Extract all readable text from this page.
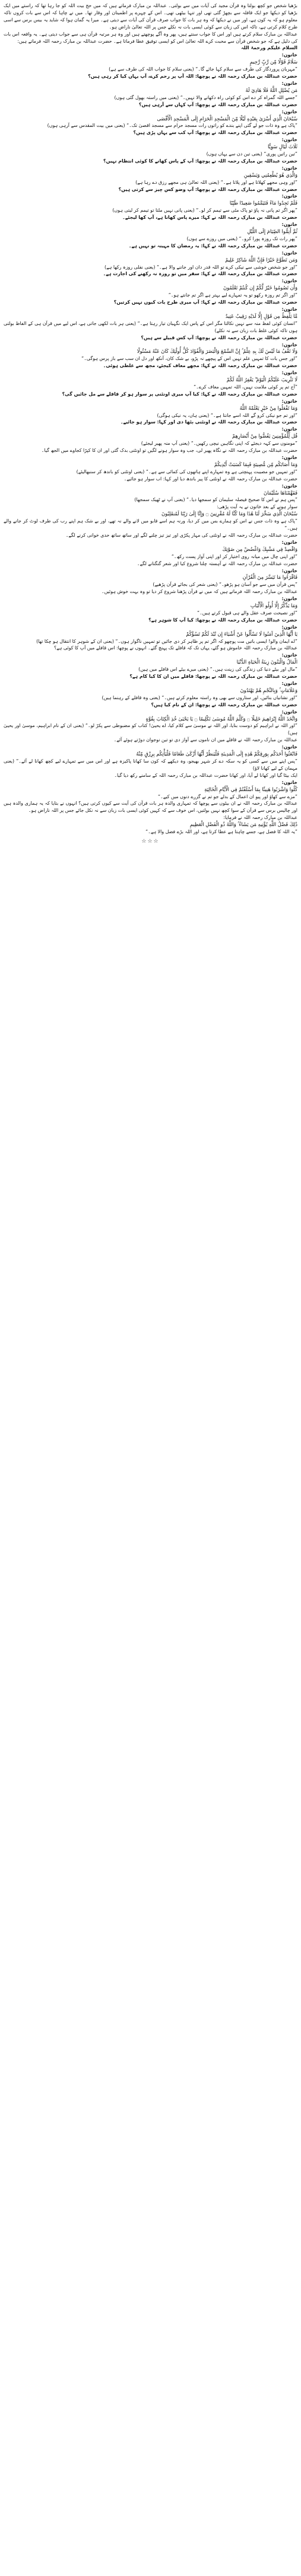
بڑھیا شخص جو کچھ بولتا وہ قرآن مجید کی آیات میں سے بولتی۔ عبداللہ بن مبارک فرماتے ہیں کہ میں حج بیت اللہ کو جا رہا تھا کہ راستے میں ایک بڑھیا کو دیکھا جو ایک قافلہ سے بچھڑ گئی تھی اور تنہا بیٹھی تھی۔ اس کے چہرے پر اطمینان اور وقار تھا۔ میں نے چاہا کہ اس سے بات کروں تاکہ معلوم ہو کہ یہ کون ہے، اور میں نے دیکھا کہ وہ ہر بات کا جواب صرف قرآن کی آیات سے دیتی ہے۔ میرا یہ گمان ہوا کہ شاید یہ بیس برس سے اسی طرح کلام کرتی ہے، تاکہ اس کی زبان سے کوئی ایسی بات نہ نکلے جس پر اللہ تعالیٰ ناراض ہو۔

عبداللہ بن مبارک سلام کرتے ہیں اور اس کا جواب سنتے ہیں، پھر وہ آگے پوچھتے ہیں اور وہ ہر مرتبہ قرآن ہی سے جواب دیتی ہے۔ یہ واقعہ اس بات کی دلیل ہے کہ جو شخص قرآن سے محبت کرے اللہ تعالیٰ اس کو ایسی توفیق عطا فرماتا ہے۔ حضرت عبداللہ بن مبارک رحمہ اللہ فرماتے ہیں:

السلام علیکم ورحمۃ اللہ

خاتون:

سَلَامٌ قَوْلًا مِّن رَّبٍّ رَّحِيمٍ

”مہربان پروردگار کی طرف سے سلام کہا جائے گا۔“ (یعنی سلام کا جواب اللہ کی طرف سے ہے)

حضرت عبداللہ بن مبارک رحمہ اللہ نے پوچھا: اللہ آپ پر رحم کرے، آپ یہاں کیا کر رہی ہیں؟

خاتون:

مَن يُضْلِلِ اللَّهُ فَلَا هَادِيَ لَهُ

”جسے اللہ گمراہ کر دے اس کو کوئی راہ دکھانے والا نہیں۔“ (یعنی میں راستہ بھول گئی ہوں)

حضرت عبداللہ بن مبارک رحمہ اللہ نے پوچھا: آپ کہاں سے آرہی ہیں؟

خاتون:

سُبْحَانَ الَّذِي أَسْرَىٰ بِعَبْدِهِ لَيْلًا مِّنَ الْمَسْجِدِ الْحَرَامِ إِلَى الْمَسْجِدِ الْأَقْصَى

”پاک ہے وہ ذات جو لے گئی اپنے بندے کو راتوں رات مسجد حرام سے مسجد اقصیٰ تک۔“ (یعنی میں بیت المقدس سے آرہی ہوں)

حضرت عبداللہ بن مبارک رحمہ اللہ نے پوچھا: آپ کب سے یہاں پڑی ہیں؟

خاتون:

ثَلَاثَ لَيَالٍ سَوِيًّا

”تین راتیں پوری“ (یعنی تین دن سے یہاں ہوں)

حضرت عبداللہ بن مبارک رحمہ اللہ نے پوچھا: آپ کے پاس کھانے کا کوئی انتظام نہیں؟

خاتون:

وَالَّذِي هُوَ يُطْعِمُنِي وَيَسْقِينِ

”اور وہی مجھے کھلاتا ہے اور پلاتا ہے۔“ (یعنی اللہ تعالیٰ ہی مجھے رزق دے رہا ہے)

حضرت عبداللہ بن مبارک رحمہ اللہ نے پوچھا: آپ وضو کس چیز سے کرتی ہیں؟

خاتون:

فَلَمْ تَجِدُوا مَاءً فَتَيَمَّمُوا صَعِيدًا طَيِّبًا

”پھر اگر تم پانی نہ پاؤ تو پاک مٹی سے تیمم کر لو۔“ (یعنی پانی نہیں ملتا تو تیمم کر لیتی ہوں)

حضرت عبداللہ بن مبارک رحمہ اللہ نے کہا: میرے پاس کھانا ہے، آپ کھا لیجئے۔

خاتون:

ثُمَّ أَتِمُّوا الصِّيَامَ إِلَى اللَّيْلِ

”پھر رات تک روزہ پورا کرو۔“ (یعنی میں روزے سے ہوں)

حضرت عبداللہ بن مبارک رحمہ اللہ نے کہا: یہ رمضان کا مہینہ تو نہیں ہے۔

خاتون:

وَمَن تَطَوَّعَ خَيْرًا فَإِنَّ اللَّهَ شَاكِرٌ عَلِيمٌ

”اور جو شخص خوشی سے نیکی کرے تو اللہ قدر دان اور جاننے والا ہے۔“ (یعنی نفلی روزہ رکھا ہے)

حضرت عبداللہ بن مبارک رحمہ اللہ نے کہا: سفر میں تو روزہ نہ رکھنے کی اجازت ہے۔

خاتون:

وَأَن تَصُومُوا خَيْرٌ لَّكُمْ إِن كُنتُمْ تَعْلَمُونَ

”اور اگر تم روزہ رکھو تو یہ تمہارے لیے بہتر ہے اگر تم جانتے ہو۔“

حضرت عبداللہ بن مبارک رحمہ اللہ نے کہا: آپ میری طرح بات کیوں نہیں کرتیں؟

خاتون:

مَّا يَلْفِظُ مِن قَوْلٍ إِلَّا لَدَيْهِ رَقِيبٌ عَتِيدٌ

”انسان کوئی لفظ منہ سے نہیں نکالتا مگر اس کے پاس ایک نگہبان تیار رہتا ہے۔“ (یعنی ہر بات لکھی جاتی ہے، اس لیے میں قرآن ہی کے الفاظ بولتی ہوں تاکہ کوئی غلط بات زبان سے نہ نکلے)

حضرت عبداللہ بن مبارک رحمہ اللہ نے پوچھا: آپ کس قبیلے سے ہیں؟

خاتون:

وَلَا تَقْفُ مَا لَيْسَ لَكَ بِهِ عِلْمٌ ۚ إِنَّ السَّمْعَ وَالْبَصَرَ وَالْفُؤَادَ كُلُّ أُولَٰئِكَ كَانَ عَنْهُ مَسْئُولًا

”اور جس بات کا تمہیں علم نہیں اس کے پیچھے نہ پڑو، بے شک کان، آنکھ اور دل ان سب سے باز پرس ہوگی۔“

حضرت عبداللہ بن مبارک رحمہ اللہ نے کہا: مجھے معاف کیجئے، مجھ سے غلطی ہوئی۔

خاتون:

لَا تَثْرِيبَ عَلَيْكُمُ الْيَوْمَ ۖ يَغْفِرُ اللَّهُ لَكُمْ

”آج تم پر کوئی ملامت نہیں، اللہ تمہیں معاف کرے۔“

حضرت عبداللہ بن مبارک رحمہ اللہ نے کہا: کیا آپ میری اونٹنی پر سوار ہو کر قافلے سے مل جائیں گی؟

خاتون:

وَمَا تَفْعَلُوا مِنْ خَيْرٍ يَعْلَمْهُ اللَّهُ

”اور تم جو نیکی کرو گے اللہ اسے جانتا ہے۔“ (یعنی ہاں، یہ نیکی ہوگی)

حضرت عبداللہ بن مبارک رحمہ اللہ نے اونٹنی بٹھا دی اور کہا: سوار ہو جائیے۔

خاتون:

قُل لِّلْمُؤْمِنِينَ يَغُضُّوا مِنْ أَبْصَارِهِمْ

”مومنوں سے کہہ دیجئے کہ اپنی نگاہیں نیچی رکھیں۔“ (یعنی آپ منہ پھیر لیجئے)

حضرت عبداللہ بن مبارک رحمہ اللہ نے نگاہ پھیر لی، جب وہ سوار ہونے لگیں تو اونٹنی بدک گئی اور ان کا کپڑا کجاوے میں الجھ گیا۔

خاتون:

وَمَا أَصَابَكُم مِّن مُّصِيبَةٍ فَبِمَا كَسَبَتْ أَيْدِيكُمْ

”اور تمہیں جو مصیبت پہنچتی ہے وہ تمہارے اپنے ہاتھوں کی کمائی سے ہے۔“ (یعنی اونٹنی کو باندھ کر سنبھالیئے)

حضرت عبداللہ بن مبارک رحمہ اللہ نے اونٹنی کا پیر باندھ دیا اور کہا: اب سوار ہو جائیے۔

خاتون:

فَفَهَّمْنَاهَا سُلَيْمَانَ

”پس ہم نے اس کا صحیح فیصلہ سلیمان کو سمجھا دیا۔“ (یعنی آپ نے ٹھیک سمجھا)

سوار ہونے کے بعد خاتون نے یہ آیت پڑھی:

سُبْحَانَ الَّذِي سَخَّرَ لَنَا هَٰذَا وَمَا كُنَّا لَهُ مُقْرِنِينَ ۝ وَإِنَّا إِلَىٰ رَبِّنَا لَمُنقَلِبُونَ

”پاک ہے وہ ذات جس نے اس کو ہمارے بس میں کر دیا، ورنہ ہم اسے قابو میں لانے والے نہ تھے، اور بے شک ہم اپنے رب کی طرف لوٹ کر جانے والے ہیں۔“

حضرت عبداللہ بن مبارک رحمہ اللہ نے اونٹنی کی مہار پکڑی اور تیز تیز چلنے لگے اور ساتھ ساتھ حدی خوانی کرنے لگے۔

خاتون:

وَاقْصِدْ فِي مَشْيِكَ وَاغْضُضْ مِن صَوْتِكَ

”اور اپنی چال میں میانہ روی اختیار کر اور اپنی آواز پست رکھ۔“

حضرت عبداللہ بن مبارک رحمہ اللہ نے آہستہ چلنا شروع کیا اور شعر گنگنانے لگے۔

خاتون:

فَاقْرَءُوا مَا تَيَسَّرَ مِنَ الْقُرْآنِ

”پس قرآن میں سے جو آسان ہو پڑھو۔“ (یعنی شعر کی بجائے قرآن پڑھیے)

عبداللہ بن مبارک رحمہ اللہ فرماتے ہیں کہ میں نے قرآن پڑھنا شروع کر دیا تو وہ بہت خوش ہوئیں۔

خاتون:

وَمَا يَذَّكَّرُ إِلَّا أُولُو الْأَلْبَابِ

”اور نصیحت صرف عقل والے ہی قبول کرتے ہیں۔“

حضرت عبداللہ بن مبارک رحمہ اللہ نے پوچھا: کیا آپ کا شوہر ہے؟

خاتون:

يَا أَيُّهَا الَّذِينَ آمَنُوا لَا تَسْأَلُوا عَنْ أَشْيَاءَ إِن تُبْدَ لَكُمْ تَسُؤْكُمْ

”اے ایمان والو! ایسی باتیں مت پوچھو کہ اگر تم پر ظاہر کر دی جائیں تو تمہیں ناگوار ہوں۔“ (یعنی ان کے شوہر کا انتقال ہو چکا تھا)

عبداللہ بن مبارک رحمہ اللہ خاموش ہو گئے، یہاں تک کہ قافلے تک پہنچ گئے۔ انہوں نے پوچھا: اس قافلے میں آپ کا کوئی ہے؟

خاتون:

الْمَالُ وَالْبَنُونَ زِينَةُ الْحَيَاةِ الدُّنْيَا

”مال اور بیٹے دنیا کی زندگی کی زینت ہیں۔“ (یعنی میرے بیٹے اس قافلے میں ہیں)

حضرت عبداللہ بن مبارک رحمہ اللہ نے پوچھا: قافلے میں ان کا کیا کام ہے؟

خاتون:

وَعَلَامَاتٍ ۚ وَبِالنَّجْمِ هُمْ يَهْتَدُونَ

”اور نشانیاں بنائیں، اور ستاروں سے بھی وہ راستہ معلوم کرتے ہیں۔“ (یعنی وہ قافلے کے رہنما ہیں)

حضرت عبداللہ بن مبارک رحمہ اللہ نے پوچھا: ان کے نام کیا ہیں؟

خاتون:

وَاتَّخَذَ اللَّهُ إِبْرَاهِيمَ خَلِيلًا ۝ وَكَلَّمَ اللَّهُ مُوسَىٰ تَكْلِيمًا ۝ يَا يَحْيَىٰ خُذِ الْكِتَابَ بِقُوَّةٍ

”اور اللہ نے ابراہیم کو دوست بنایا، اور اللہ نے موسیٰ سے کلام کیا، اے یحییٰ! کتاب کو مضبوطی سے پکڑ لو۔“ (یعنی ان کے نام ابراہیم، موسیٰ اور یحییٰ ہیں)

عبداللہ بن مبارک رحمہ اللہ نے قافلے میں ان ناموں سے آواز دی تو تین نوجوان دوڑتے ہوئے آئے۔

خاتون:

فَابْعَثُوا أَحَدَكُم بِوَرِقِكُمْ هَٰذِهِ إِلَى الْمَدِينَةِ فَلْيَنظُرْ أَيُّهَا أَزْكَىٰ طَعَامًا فَلْيَأْتِكُم بِرِزْقٍ مِّنْهُ

”پس اپنے میں سے کسی کو یہ سکہ دے کر شہر بھیجو، وہ دیکھے کہ کون سا کھانا پاکیزہ ہے اور اس میں سے تمہارے لیے کچھ کھانا لے آئے۔“ (یعنی مہمان کے لیے کھانا لاؤ)

ایک بیٹا گیا اور کھانا لے آیا، اور کھانا حضرت عبداللہ بن مبارک رحمہ اللہ کے سامنے رکھ دیا گیا۔

خاتون:

كُلُوا وَاشْرَبُوا هَنِيئًا بِمَا أَسْلَفْتُمْ فِي الْأَيَّامِ الْخَالِيَةِ

”مزے سے کھاؤ اور پیو ان اعمال کے بدلے جو تم نے گزرے دنوں میں کیے۔“

عبداللہ بن مبارک رحمہ اللہ نے ان بیٹوں سے پوچھا کہ تمہاری والدہ ہر بات قرآن کی آیت سے کیوں کرتی ہیں؟ انہوں نے بتایا کہ یہ ہماری والدہ ہیں اور چالیس برس سے قرآن کے سوا کچھ نہیں بولتیں، اس خوف سے کہ کہیں کوئی ایسی بات زبان سے نہ نکل جائے جس پر اللہ ناراض ہو۔

عبداللہ بن مبارک رحمہ اللہ نے فرمایا:

ذَٰلِكَ فَضْلُ اللَّهِ يُؤْتِيهِ مَن يَشَاءُ ۚ وَاللَّهُ ذُو الْفَضْلِ الْعَظِيمِ

”یہ اللہ کا فضل ہے، جسے چاہتا ہے عطا کرتا ہے، اور اللہ بڑے فضل والا ہے۔“

☆☆☆
